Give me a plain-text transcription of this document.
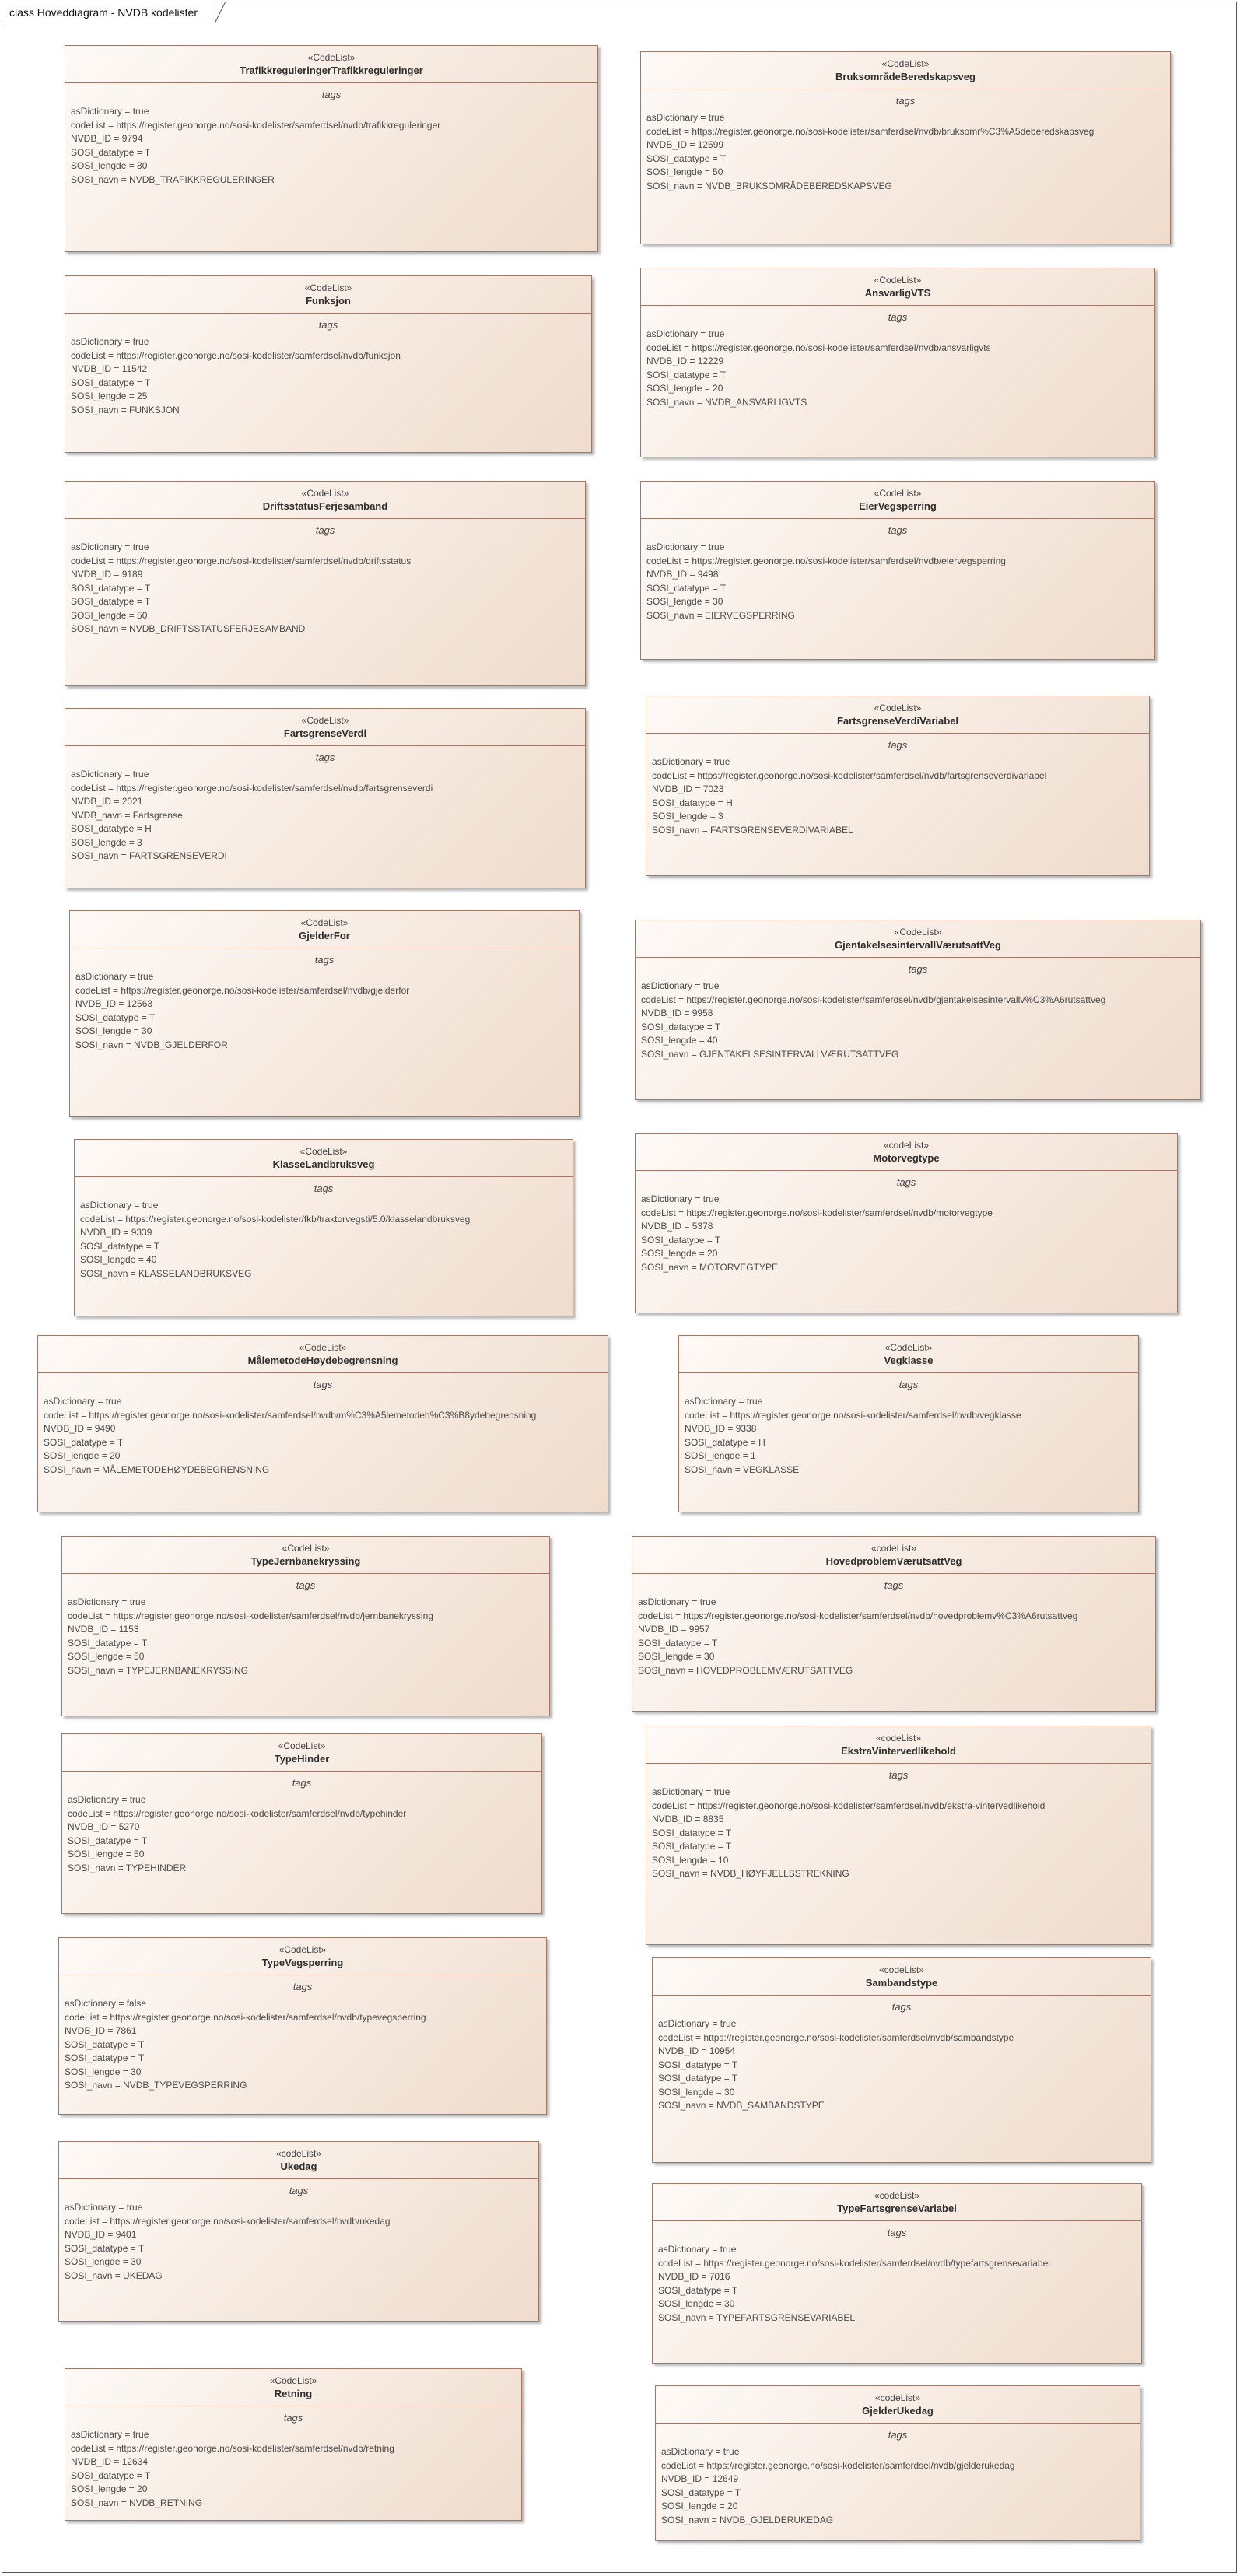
class Hoveddiagram - NVDB kodelister
«CodeList»
TrafikkreguleringerTrafikkreguleringer
tags
asDictionary = true
codeList = https://register.geonorge.no/sosi-kodelister/samferdsel/nvdb/trafikkreguleringer
NVDB_ID = 9794
SOSI_datatype = T
SOSI_lengde = 80
SOSI_navn = NVDB_TRAFIKKREGULERINGER
«CodeList»
BruksområdeBeredskapsveg
tags
asDictionary = true
codeList = https://register.geonorge.no/sosi-kodelister/samferdsel/nvdb/bruksomr%C3%A5deberedskapsveg
NVDB_ID = 12599
SOSI_datatype = T
SOSI_lengde = 50
SOSI_navn = NVDB_BRUKSOMRÅDEBEREDSKAPSVEG
«CodeList»
Funksjon
tags
asDictionary = true
codeList = https://register.geonorge.no/sosi-kodelister/samferdsel/nvdb/funksjon
NVDB_ID = 11542
SOSI_datatype = T
SOSI_lengde = 25
SOSI_navn = FUNKSJON
«CodeList»
AnsvarligVTS
tags
asDictionary = true
codeList = https://register.geonorge.no/sosi-kodelister/samferdsel/nvdb/ansvarligvts
NVDB_ID = 12229
SOSI_datatype = T
SOSI_lengde = 20
SOSI_navn = NVDB_ANSVARLIGVTS
«CodeList»
DriftsstatusFerjesamband
tags
asDictionary = true
codeList = https://register.geonorge.no/sosi-kodelister/samferdsel/nvdb/driftsstatus
NVDB_ID = 9189
SOSI_datatype = T
SOSI_datatype = T
SOSI_lengde = 50
SOSI_navn = NVDB_DRIFTSSTATUSFERJESAMBAND
«CodeList»
EierVegsperring
tags
asDictionary = true
codeList = https://register.geonorge.no/sosi-kodelister/samferdsel/nvdb/eiervegsperring
NVDB_ID = 9498
SOSI_datatype = T
SOSI_lengde = 30
SOSI_navn = EIERVEGSPERRING
«CodeList»
FartsgrenseVerdi
tags
asDictionary = true
codeList = https://register.geonorge.no/sosi-kodelister/samferdsel/nvdb/fartsgrenseverdi
NVDB_ID = 2021
NVDB_navn = Fartsgrense
SOSI_datatype = H
SOSI_lengde = 3
SOSI_navn = FARTSGRENSEVERDI
«CodeList»
FartsgrenseVerdiVariabel
tags
asDictionary = true
codeList = https://register.geonorge.no/sosi-kodelister/samferdsel/nvdb/fartsgrenseverdivariabel
NVDB_ID = 7023
SOSI_datatype = H
SOSI_lengde = 3
SOSI_navn = FARTSGRENSEVERDIVARIABEL
«CodeList»
GjelderFor
tags
asDictionary = true
codeList = https://register.geonorge.no/sosi-kodelister/samferdsel/nvdb/gjelderfor
NVDB_ID = 12563
SOSI_datatype = T
SOSI_lengde = 30
SOSI_navn = NVDB_GJELDERFOR
«CodeList»
GjentakelsesintervallVærutsattVeg
tags
asDictionary = true
codeList = https://register.geonorge.no/sosi-kodelister/samferdsel/nvdb/gjentakelsesintervallv%C3%A6rutsattveg
NVDB_ID = 9958
SOSI_datatype = T
SOSI_lengde = 40
SOSI_navn = GJENTAKELSESINTERVALLVÆRUTSATTVEG
«CodeList»
KlasseLandbruksveg
tags
asDictionary = true
codeList = https://register.geonorge.no/sosi-kodelister/fkb/traktorvegsti/5.0/klasselandbruksveg
NVDB_ID = 9339
SOSI_datatype = T
SOSI_lengde = 40
SOSI_navn = KLASSELANDBRUKSVEG
«codeList»
Motorvegtype
tags
asDictionary = true
codeList = https://register.geonorge.no/sosi-kodelister/samferdsel/nvdb/motorvegtype
NVDB_ID = 5378
SOSI_datatype = T
SOSI_lengde = 20
SOSI_navn = MOTORVEGTYPE
«CodeList»
MålemetodeHøydebegrensning
tags
asDictionary = true
codeList = https://register.geonorge.no/sosi-kodelister/samferdsel/nvdb/m%C3%A5lemetodeh%C3%B8ydebegrensning
NVDB_ID = 9490
SOSI_datatype = T
SOSI_lengde = 20
SOSI_navn = MÅLEMETODEHØYDEBEGRENSNING
«CodeList»
Vegklasse
tags
asDictionary = true
codeList = https://register.geonorge.no/sosi-kodelister/samferdsel/nvdb/vegklasse
NVDB_ID = 9338
SOSI_datatype = H
SOSI_lengde = 1
SOSI_navn = VEGKLASSE
«CodeList»
TypeJernbanekryssing
tags
asDictionary = true
codeList = https://register.geonorge.no/sosi-kodelister/samferdsel/nvdb/jernbanekryssing
NVDB_ID = 1153
SOSI_datatype = T
SOSI_lengde = 50
SOSI_navn = TYPEJERNBANEKRYSSING
«codeList»
HovedproblemVærutsattVeg
tags
asDictionary = true
codeList = https://register.geonorge.no/sosi-kodelister/samferdsel/nvdb/hovedproblemv%C3%A6rutsattveg
NVDB_ID = 9957
SOSI_datatype = T
SOSI_lengde = 30
SOSI_navn = HOVEDPROBLEMVÆRUTSATTVEG
«CodeList»
TypeHinder
tags
asDictionary = true
codeList = https://register.geonorge.no/sosi-kodelister/samferdsel/nvdb/typehinder
NVDB_ID = 5270
SOSI_datatype = T
SOSI_lengde = 50
SOSI_navn = TYPEHINDER
«codeList»
EkstraVintervedlikehold
tags
asDictionary = true
codeList = https://register.geonorge.no/sosi-kodelister/samferdsel/nvdb/ekstra-vintervedlikehold
NVDB_ID = 8835
SOSI_datatype = T
SOSI_datatype = T
SOSI_lengde = 10
SOSI_navn = NVDB_HØYFJELLSSTREKNING
«CodeList»
TypeVegsperring
tags
asDictionary = false
codeList = https://register.geonorge.no/sosi-kodelister/samferdsel/nvdb/typevegsperring
NVDB_ID = 7861
SOSI_datatype = T
SOSI_datatype = T
SOSI_lengde = 30
SOSI_navn = NVDB_TYPEVEGSPERRING
«codeList»
Sambandstype
tags
asDictionary = true
codeList = https://register.geonorge.no/sosi-kodelister/samferdsel/nvdb/sambandstype
NVDB_ID = 10954
SOSI_datatype = T
SOSI_datatype = T
SOSI_lengde = 30
SOSI_navn = NVDB_SAMBANDSTYPE
«codeList»
Ukedag
tags
asDictionary = true
codeList = https://register.geonorge.no/sosi-kodelister/samferdsel/nvdb/ukedag
NVDB_ID = 9401
SOSI_datatype = T
SOSI_lengde = 30
SOSI_navn = UKEDAG
«codeList»
TypeFartsgrenseVariabel
tags
asDictionary = true
codeList = https://register.geonorge.no/sosi-kodelister/samferdsel/nvdb/typefartsgrensevariabel
NVDB_ID = 7016
SOSI_datatype = T
SOSI_lengde = 30
SOSI_navn = TYPEFARTSGRENSEVARIABEL
«CodeList»
Retning
tags
asDictionary = true
codeList = https://register.geonorge.no/sosi-kodelister/samferdsel/nvdb/retning
NVDB_ID = 12634
SOSI_datatype = T
SOSI_lengde = 20
SOSI_navn = NVDB_RETNING
«codeList»
GjelderUkedag
tags
asDictionary = true
codeList = https://register.geonorge.no/sosi-kodelister/samferdsel/nvdb/gjelderukedag
NVDB_ID = 12649
SOSI_datatype = T
SOSI_lengde = 20
SOSI_navn = NVDB_GJELDERUKEDAG
